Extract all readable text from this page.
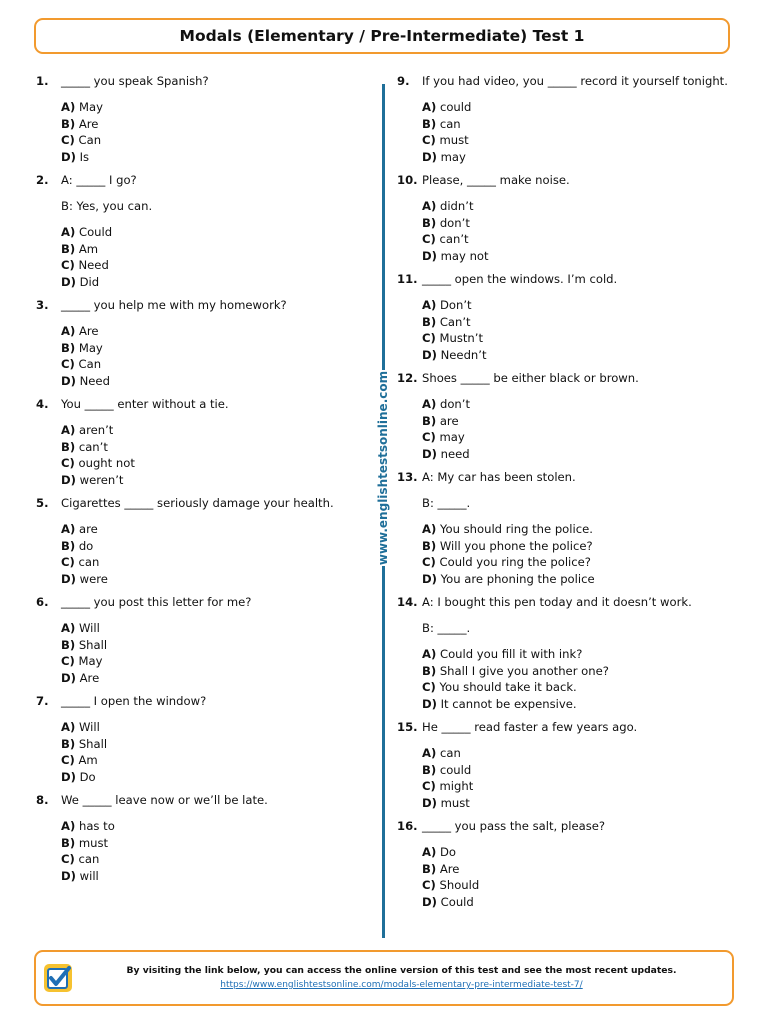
Modals (Elementary / Pre-Intermediate) Test 1
1.	_____ you speak Spanish?
A) May
B) Are
C) Can
D) Is
2.	A: _____ I go?
B: Yes, you can.
A) Could
B) Am
C) Need
D) Did
3.	_____ you help me with my homework?
A) Are
B) May
C) Can
D) Need
4.	You _____ enter without a tie.
A) aren’t
B) can’t
C) ought not
D) weren’t
5.	Cigarettes _____ seriously damage your health.
A) are
B) do
C) can
D) were
6.	_____ you post this letter for me?
A) Will
B) Shall
C) May
D) Are
7.	_____ I open the window?
A) Will
B) Shall
C) Am
D) Do
8.	We _____ leave now or we’ll be late.
A) has to
B) must
C) can
D) will
9.	If you had video, you _____ record it yourself tonight.
A) could
B) can
C) must
D) may
10. Please, _____ make noise.
A) didn’t
B) don’t
C) can’t
D) may not
11. _____ open the windows. I’m cold.
A) Don’t
B) Can’t
C) Mustn’t
D) Needn’t
12. Shoes _____ be either black or brown.
A) don’t
B) are
C) may
D) need
13. A: My car has been stolen.
B: _____.
A) You should ring the police.
B) Will you phone the police?
C) Could you ring the police?
D) You are phoning the police
14. A: I bought this pen today and it doesn’t work.
B: _____.
A) Could you fill it with ink?
B) Shall I give you another one?
C) You should take it back.
D) It cannot be expensive.
15. He _____ read faster a few years ago.
A) can
B) could
C) might
D) must
16. _____ you pass the salt, please?
A) Do
B) Are
C) Should
D) Could
www.englishtestsonline.com
By visiting the link below, you can access the online version of this test and see the most recent updates.
https://www.englishtestsonline.com/modals-elementary-pre-intermediate-test-7/
